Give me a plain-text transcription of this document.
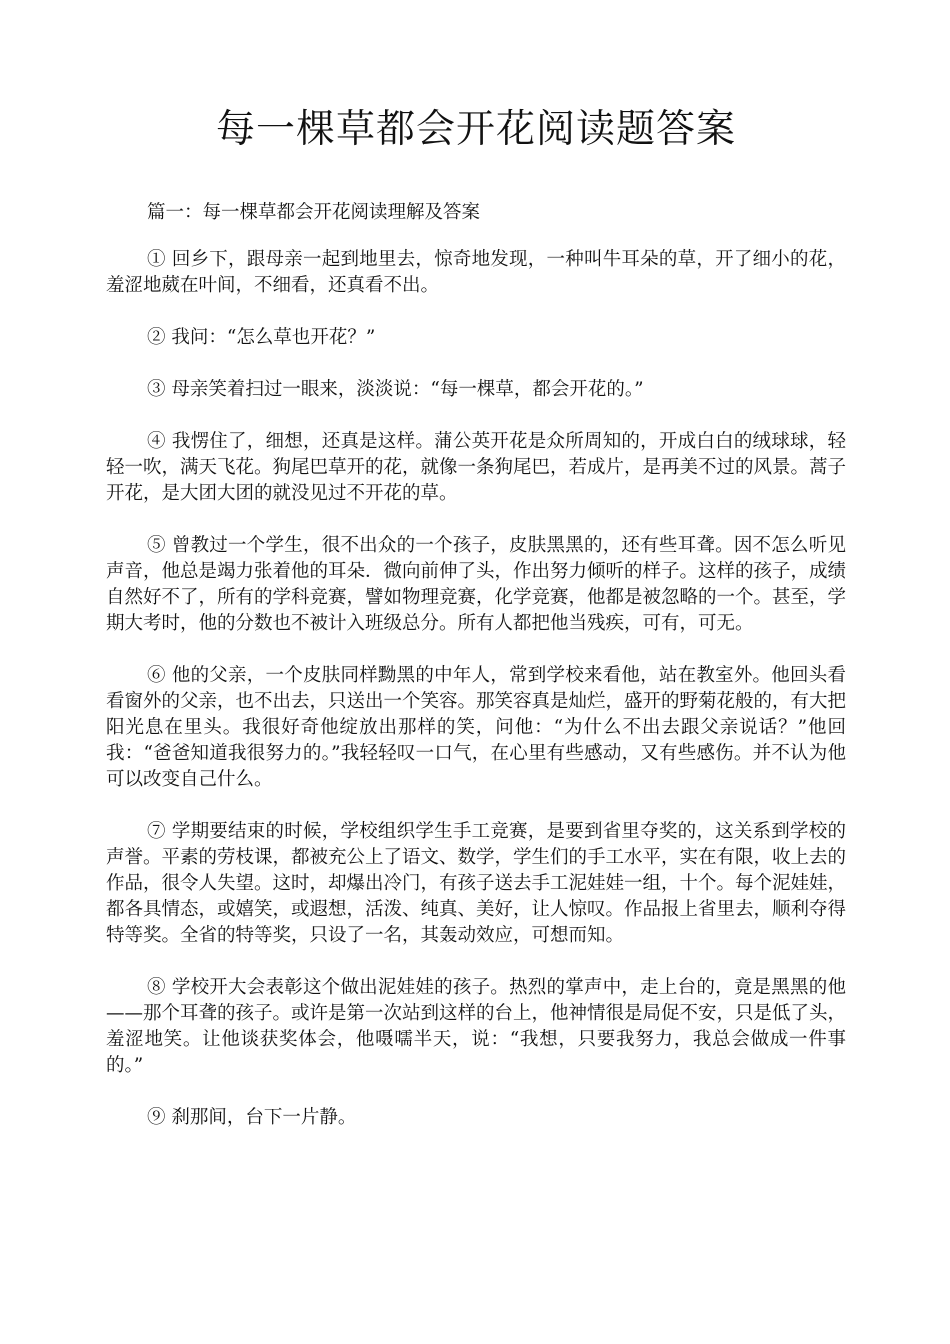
每一棵草都会开花阅读题答案

篇一：每一棵草都会开花阅读理解及答案

① 回乡下，跟母亲一起到地里去，惊奇地发现，一种叫牛耳朵的草，开了细小的花，羞涩地葳在叶间，不细看，还真看不出。

② 我问：“怎么草也开花？”

③ 母亲笑着扫过一眼来，淡淡说：“每一棵草，都会开花的。”

④ 我愣住了，细想，还真是这样。蒲公英开花是众所周知的，开成白白的绒球球，轻轻一吹，满天飞花。狗尾巴草开的花，就像一条狗尾巴，若成片，是再美不过的风景。蒿子开花，是大团大团的就没见过不开花的草。

⑤ 曾教过一个学生，很不出众的一个孩子，皮肤黑黑的，还有些耳聋。因不怎么听见声音，他总是竭力张着他的耳朵．微向前伸了头，作出努力倾听的样子。这样的孩子，成绩自然好不了，所有的学科竞赛，譬如物理竞赛，化学竞赛，他都是被忽略的一个。甚至，学期大考时，他的分数也不被计入班级总分。所有人都把他当残疾，可有，可无。

⑥ 他的父亲，一个皮肤同样黝黑的中年人，常到学校来看他，站在教室外。他回头看看窗外的父亲，也不出去，只送出一个笑容。那笑容真是灿烂，盛开的野菊花般的，有大把阳光息在里头。我很好奇他绽放出那样的笑，问他：“为什么不出去跟父亲说话？”他回我：“爸爸知道我很努力的。”我轻轻叹一口气，在心里有些感动，又有些感伤。并不认为他可以改变自己什么。

⑦ 学期要结束的时候，学校组织学生手工竞赛，是要到省里夺奖的，这关系到学校的声誉。平素的劳枝课，都被充公上了语文、数学，学生们的手工水平，实在有限，收上去的作品，很令人失望。这时，却爆出冷门，有孩子送去手工泥娃娃一组，十个。每个泥娃娃，都各具情态，或嬉笑，或遐想，活泼、纯真、美好，让人惊叹。作品报上省里去，顺利夺得特等奖。全省的特等奖，只设了一名，其轰动效应，可想而知。

⑧ 学校开大会表彰这个做出泥娃娃的孩子。热烈的掌声中，走上台的，竟是黑黑的他——那个耳聋的孩子。或许是第一次站到这样的台上，他神情很是局促不安，只是低了头，羞涩地笑。让他谈获奖体会，他嗫嚅半天，说：“我想，只要我努力，我总会做成一件事的。”

⑨ 刹那间，台下一片静。
